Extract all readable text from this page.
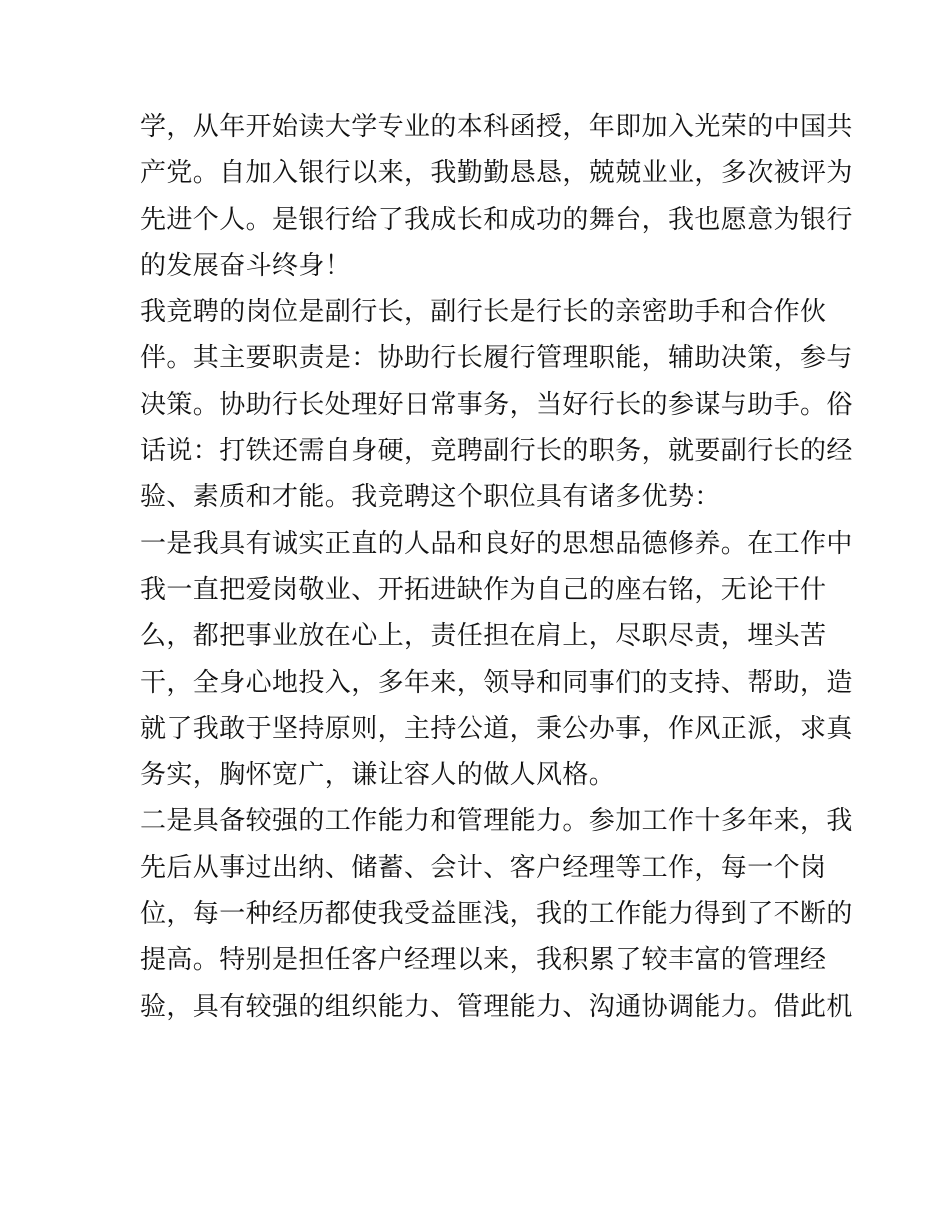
学，从年开始读大学专业的本科函授，年即加入光荣的中国共

产党。自加入银行以来，我勤勤恳恳，兢兢业业，多次被评为

先进个人。是银行给了我成长和成功的舞台，我也愿意为银行

的发展奋斗终身！

我竞聘的岗位是副行长，副行长是行长的亲密助手和合作伙

伴。其主要职责是：协助行长履行管理职能，辅助决策，参与

决策。协助行长处理好日常事务，当好行长的参谋与助手。俗

话说：打铁还需自身硬，竞聘副行长的职务，就要副行长的经

验、素质和才能。我竞聘这个职位具有诸多优势：

一是我具有诚实正直的人品和良好的思想品德修养。在工作中

我一直把爱岗敬业、开拓进缺作为自己的座右铭，无论干什

么，都把事业放在心上，责任担在肩上，尽职尽责，埋头苦

干，全身心地投入，多年来，领导和同事们的支持、帮助，造

就了我敢于坚持原则，主持公道，秉公办事，作风正派，求真

务实，胸怀宽广，谦让容人的做人风格。

二是具备较强的工作能力和管理能力。参加工作十多年来，我

先后从事过出纳、储蓄、会计、客户经理等工作，每一个岗

位，每一种经历都使我受益匪浅，我的工作能力得到了不断的

提高。特别是担任客户经理以来，我积累了较丰富的管理经

验，具有较强的组织能力、管理能力、沟通协调能力。借此机
